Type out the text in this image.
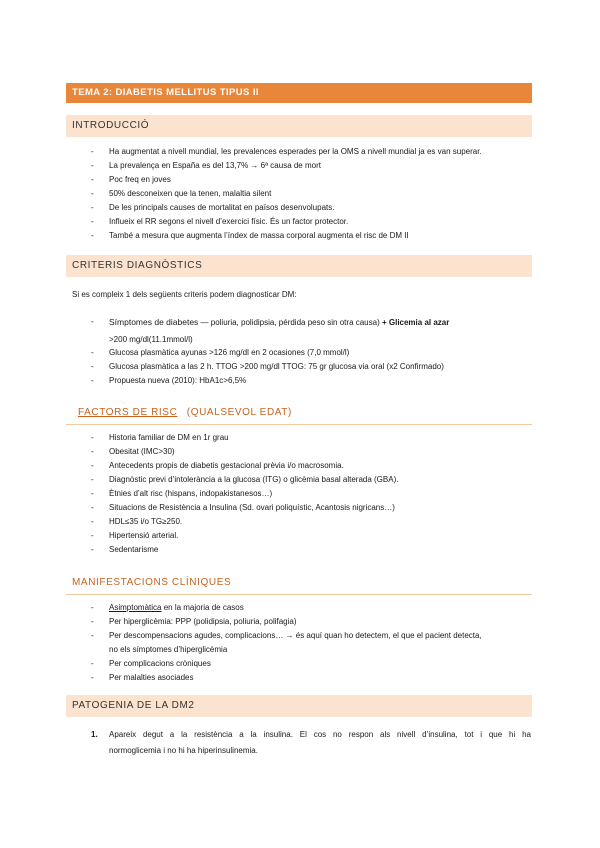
TEMA 2: DIABETIS MELLITUS TIPUS II
INTRODUCCIÓ
- Ha augmentat a nivell mundial, les prevalences esperades per la OMS a nivell mundial ja es van superar.
- La prevalença en España es del 13,7% → 6ª causa de mort
- Poc freq en joves
- 50% desconeixen que la tenen, malaltia silent
- De les principals causes de mortalitat en països desenvolupats.
- Influeix el RR segons el nivell d’exercici físic. És un factor protector.
- També a mesura que augmenta l’índex de massa corporal augmenta el risc de DM II
CRITERIS DIAGNÒSTICS
Si es compleix 1 dels següents criteris podem diagnosticar DM:
- Símptomes de diabetes — poliuria, polidipsia, pérdida peso sin otra causa) + Glicemia al azar
>200 mg/dl(11.1mmol/l)
- Glucosa plasmàtica ayunas >126 mg/dl en 2 ocasiones (7,0 mmol/l)
- Glucosa plasmàtica a las 2 h. TTOG >200 mg/dl TTOG: 75 gr glucosa via oral (x2 Confirmado)
- Propuesta nueva (2010): HbA1c>6,5%
FACTORS DE RISC (QUALSEVOL EDAT)
- Historia familiar de DM en 1r grau
- Obesitat (IMC>30)
- Antecedents propis de diabetis gestacional prèvia i/o macrosomia.
- Diagnòstic previ d’intolerància a la glucosa (ITG) o glicèmia basal alterada (GBA).
- Ètnies d’alt risc (hispans, indopakistanesos…)
- Situacions de Resistència a Insulina (Sd. ovari poliquístic, Acantosis nigricans…)
- HDL≤35 i/o TG≥250.
- Hipertensió arterial.
- Sedentarisme
MANIFESTACIONS CLÍNIQUES
- Asimptomàtica en la majoria de casos
- Per hiperglicèmia: PPP (polidipsia, poliuria, polifagia)
- Per descompensacions agudes, complicacions… → és aquí quan ho detectem, el que el pacient detecta,
no els símptomes d’hiperglicèmia
- Per complicacions cròniques
- Per malalties asociades
PATOGENIA DE LA DM2
1. Apareix degut a la resistència a la insulina. El cos no respon als nivell d’insulina, tot i que hi ha
normoglicemia i no hi ha hiperinsulinemia.
